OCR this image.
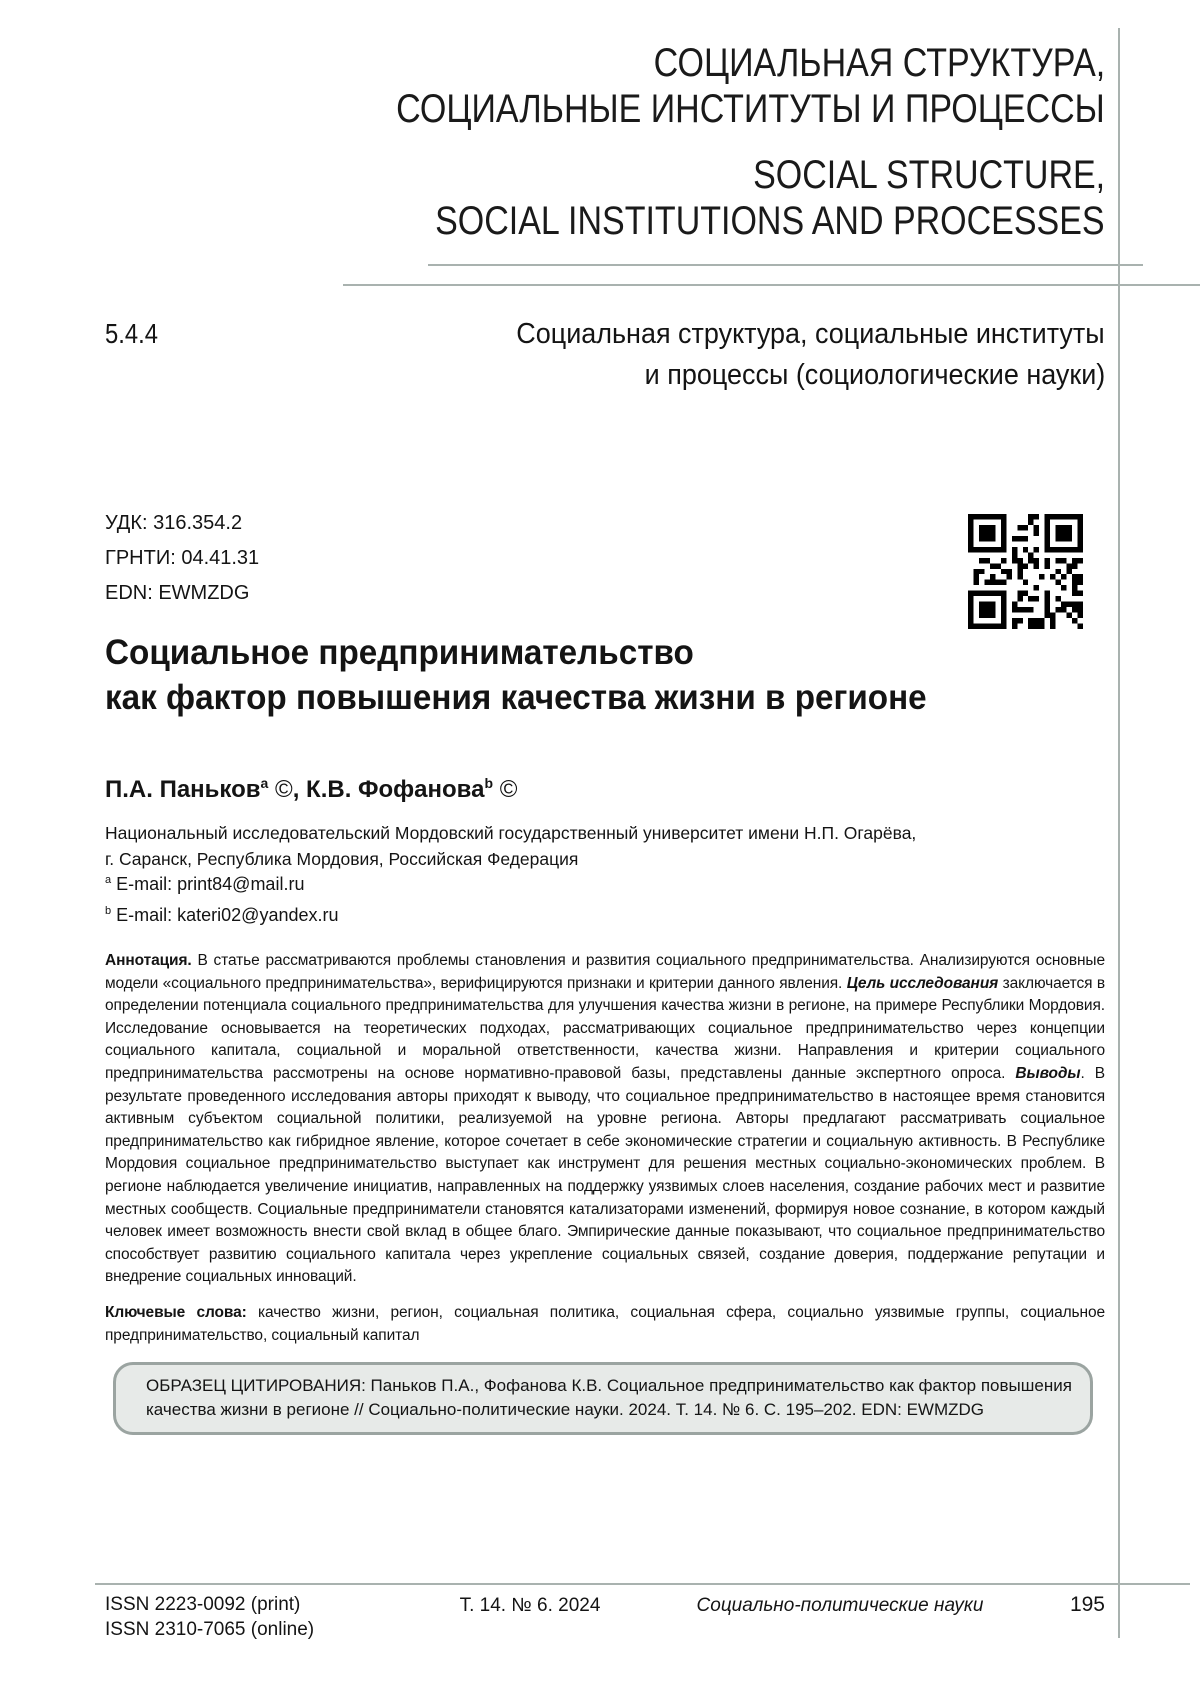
СОЦИАЛЬНАЯ СТРУКТУРА,
СОЦИАЛЬНЫЕ ИНСТИТУТЫ И ПРОЦЕССЫ
SOCIAL STRUCTURE,
SOCIAL INSTITUTIONS AND PROCESSES
5.4.4	Социальная структура, социальные институты
и процессы (социологические науки)
УДК: 316.354.2
ГРНТИ: 04.41.31
EDN: EWMZDG
Социальное предпринимательство
как фактор повышения качества жизни в регионе
П.А. Паньков$^a$ ©, К.В. Фофанова$^b$ ©
Национальный исследовательский Мордовский государственный университет имени Н.П. Огарёва,
г. Саранск, Республика Мордовия, Российская Федерация
$^a$ E-mail: print84@mail.ru
$^b$ E-mail: kateri02@yandex.ru
Аннотация. В статье рассматриваются проблемы становления и развития социального предпринимательства. Анализируются основные модели «социального предпринимательства», верифицируются признаки и критерии данного явления. Цель исследования заключается в определении потенциала социального предпринимательства для улучшения качества жизни в регионе, на примере Республики Мордовия. Исследование основывается на теоретических подходах, рассматривающих социальное предпринимательство через концепции социального капитала, социальной и моральной ответственности, качества жизни. Направления и критерии социального предпринимательства рассмотрены на основе нормативно-правовой базы, представлены данные экспертного опроса. Выводы. В результате проведенного исследования авторы приходят к выводу, что социальное предпринимательство в настоящее время становится активным субъектом социальной политики, реализуемой на уровне региона. Авторы предлагают рассматривать социальное предпринимательство как гибридное явление, которое сочетает в себе экономические стратегии и социальную активность. В Республике Мордовия социальное предпринимательство выступает как инструмент для решения местных социально-экономических проблем. В регионе наблюдается увеличение инициатив, направленных на поддержку уязвимых слоев населения, создание рабочих мест и развитие местных сообществ. Социальные предприниматели становятся катализаторами изменений, формируя новое сознание, в котором каждый человек имеет возможность внести свой вклад в общее благо. Эмпирические данные показывают, что социальное предпринимательство способствует развитию социального капитала через укрепление социальных связей, создание доверия, поддержание репутации и внедрение социальных инноваций.
Ключевые слова: качество жизни, регион, социальная политика, социальная сфера, социально уязвимые группы, социальное предпринимательство, социальный капитал
ОБРАЗЕЦ ЦИТИРОВАНИЯ: Паньков П.А., Фофанова К.В. Социальное предпринимательство как фактор повышения качества жизни в регионе // Социально-политические науки. 2024. Т. 14. № 6. С. 195–202. EDN: EWMZDG
ISSN 2223-0092 (print)
ISSN 2310-7065 (online)
Т. 14. № 6. 2024	Социально-политические науки	195
